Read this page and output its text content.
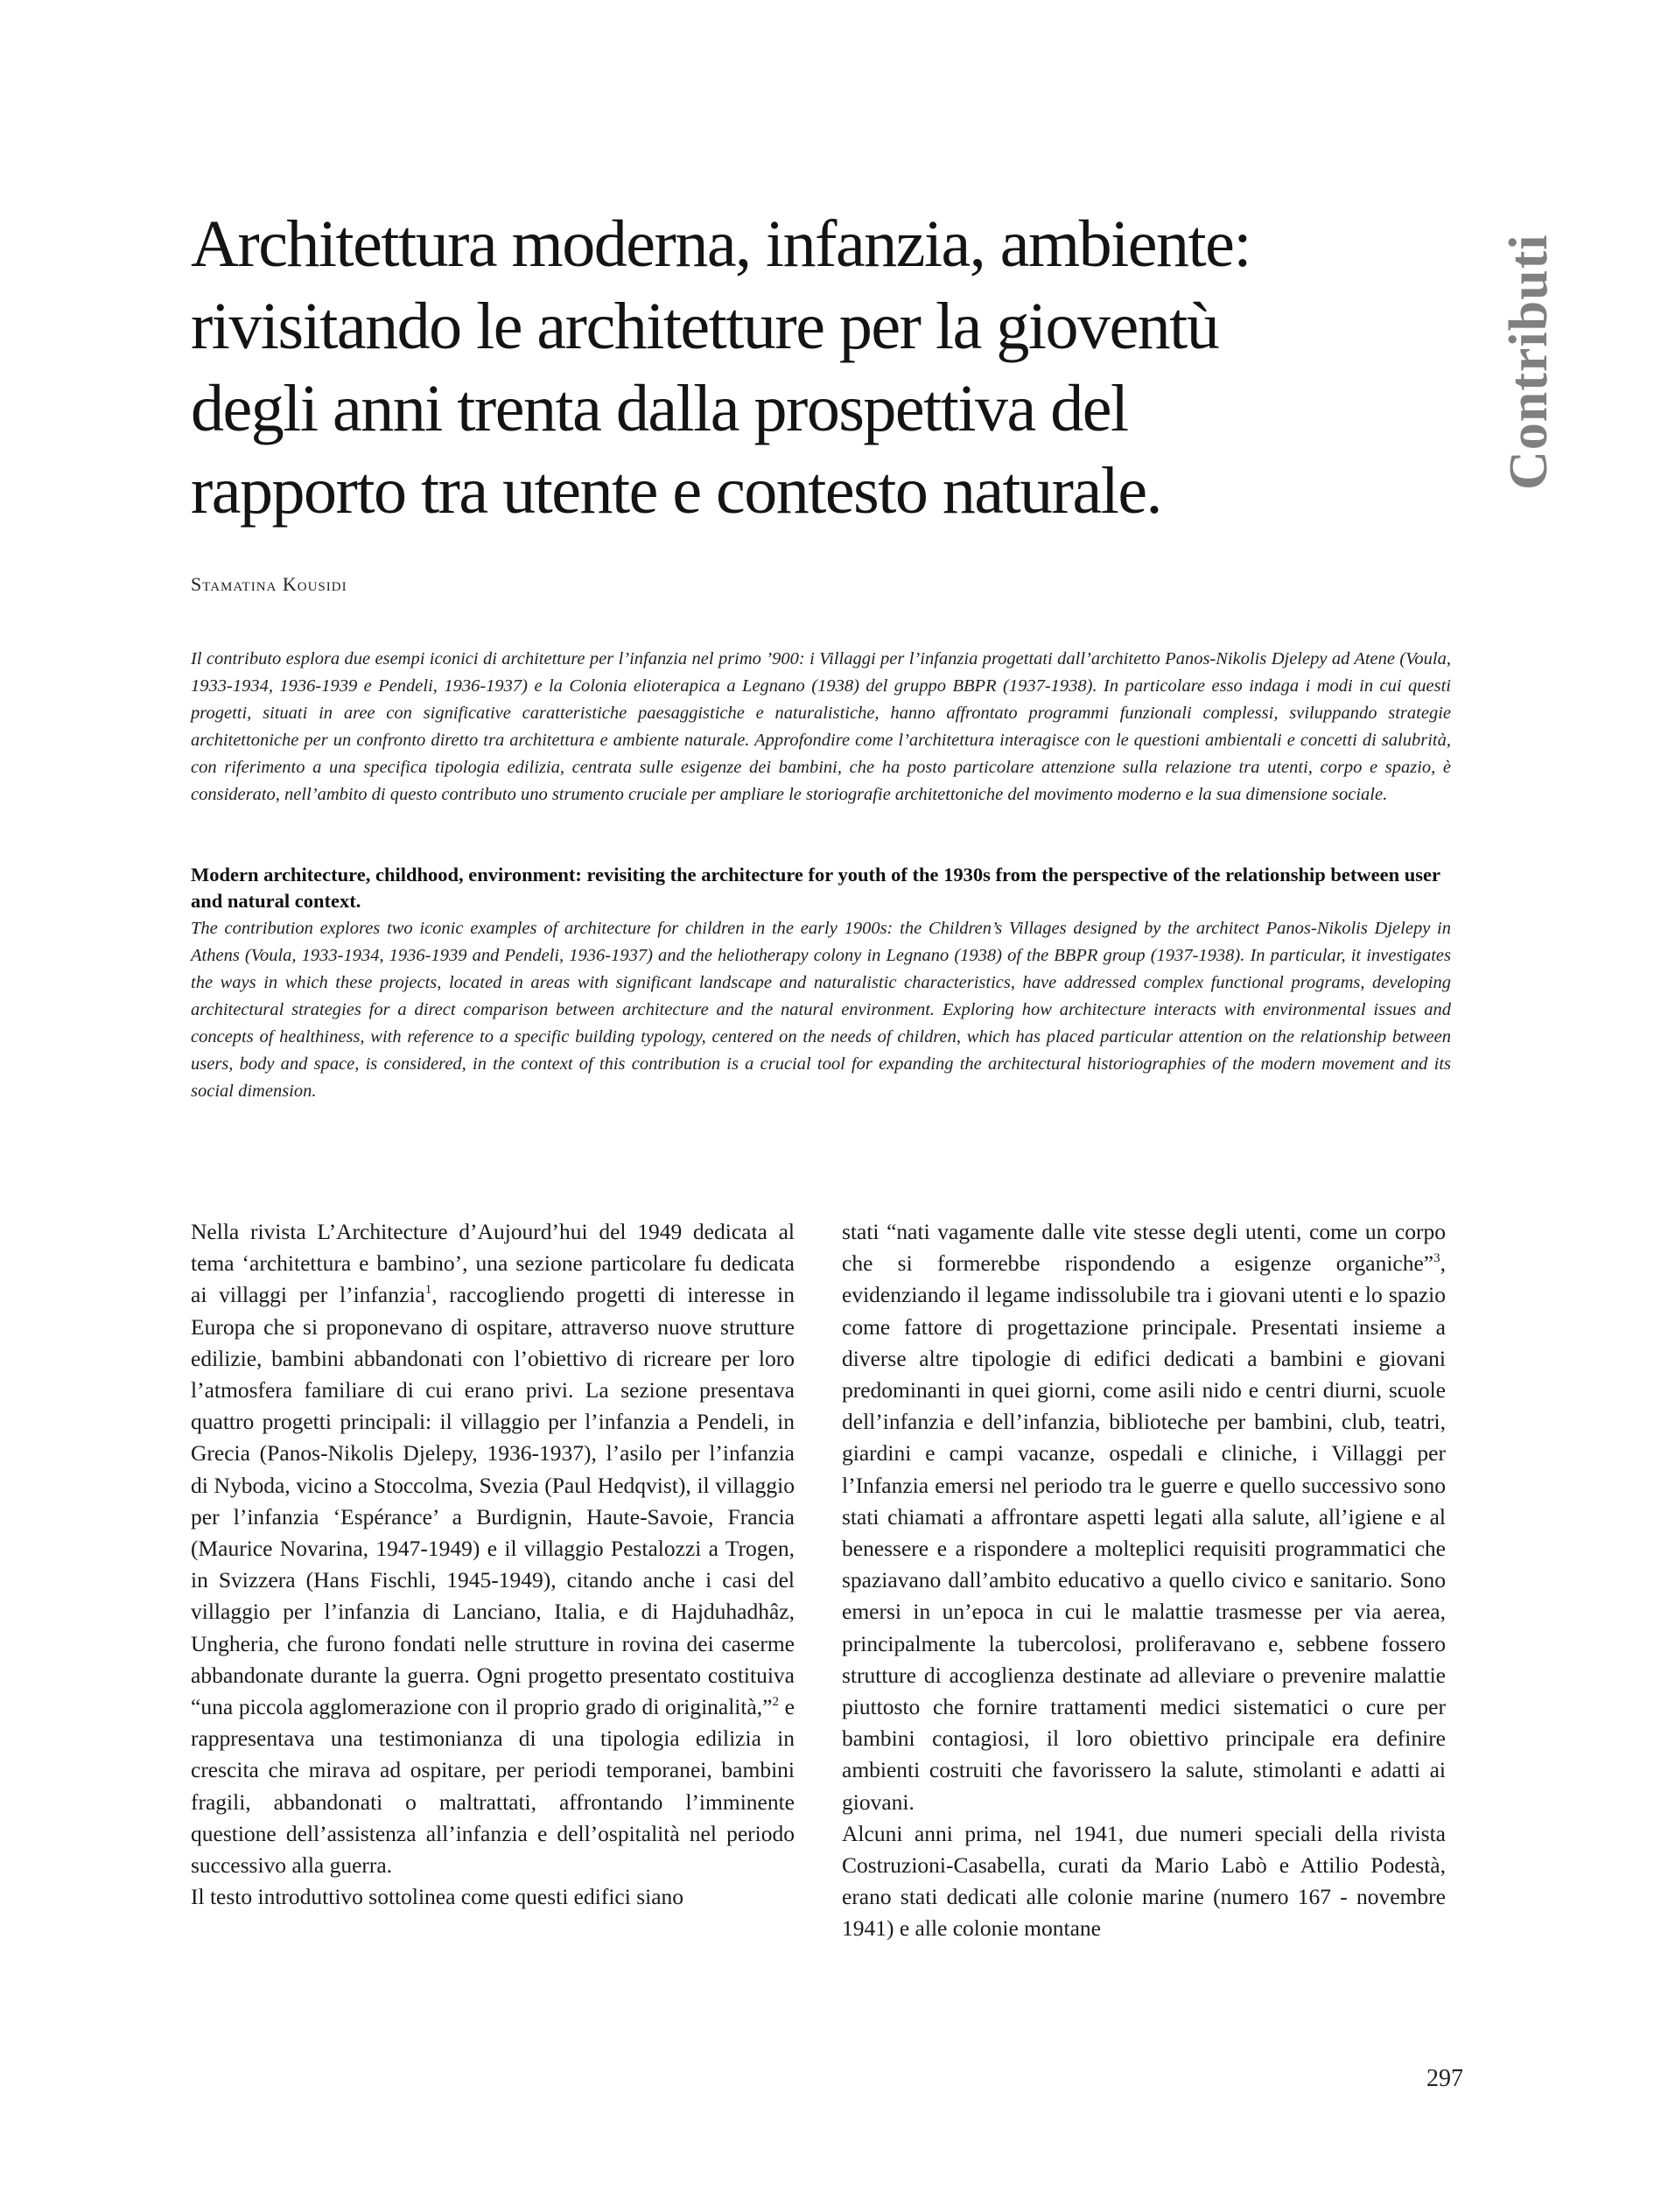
Architettura moderna, infanzia, ambiente:
rivisitando le architetture per la gioventù
degli anni trenta dalla prospettiva del
rapporto tra utente e contesto naturale.
Contributi
Stamatina Kousidi

Il contributo esplora due esempi iconici di architetture per l’infanzia nel primo ’900: i Villaggi per l’infanzia progettati dall’architetto Panos-Nikolis Djelepy ad Atene (Voula, 1933-1934, 1936-1939 e Pendeli, 1936-1937) e la Colonia elioterapica a Legnano (1938) del gruppo BBPR (1937-1938). In particolare esso indaga i modi in cui questi progetti, situati in aree con significative caratteristiche paesaggistiche e naturalistiche, hanno affrontato programmi funzionali complessi, sviluppando strategie architettoniche per un confronto diretto tra architettura e ambiente naturale. Approfondire come l’architettura interagisce con le questioni ambientali e concetti di salubrità, con riferimento a una specifica tipologia edilizia, centrata sulle esigenze dei bambini, che ha posto particolare attenzione sulla relazione tra utenti, corpo e spazio, è considerato, nell’ambito di questo contributo uno strumento cruciale per ampliare le storiografie architettoniche del movimento moderno e la sua dimensione sociale.

Modern architecture, childhood, environment: revisiting the architecture for youth of the 1930s from the perspective of the relationship between user and natural context.

The contribution explores two iconic examples of architecture for children in the early 1900s: the Children’s Villages designed by the architect Panos-Nikolis Djelepy in Athens (Voula, 1933-1934, 1936-1939 and Pendeli, 1936-1937) and the heliotherapy colony in Legnano (1938) of the BBPR group (1937-1938). In particular, it investigates the ways in which these projects, located in areas with significant landscape and naturalistic characteristics, have addressed complex functional programs, developing architectural strategies for a direct comparison between architecture and the natural environment. Exploring how architecture interacts with environmental issues and concepts of healthiness, with reference to a specific building typology, centered on the needs of children, which has placed particular attention on the relationship between users, body and space, is considered, in the context of this contribution is a crucial tool for expanding the architectural historiographies of the modern movement and its social dimension.

Nella rivista L’Architecture d’Aujourd’hui del 1949 dedicata al tema ‘architettura e bambino’, una sezione particolare fu dedicata ai villaggi per l’infanzia$^1$, raccogliendo progetti di interesse in Europa che si proponevano di ospitare, attraverso nuove strutture edilizie, bambini abbandonati con l’obiettivo di ricreare per loro l’atmosfera familiare di cui erano privi. La sezione presentava quattro progetti principali: il villaggio per l’infanzia a Pendeli, in Grecia (Panos-Nikolis Djelepy, 1936-1937), l’asilo per l’infanzia di Nyboda, vicino a Stoccolma, Svezia (Paul Hedqvist), il villaggio per l’infanzia ‘Espérance’ a Burdignin, Haute-Savoie, Francia (Maurice Novarina, 1947-1949) e il villaggio Pestalozzi a Trogen, in Svizzera (Hans Fischli, 1945-1949), citando anche i casi del villaggio per l’infanzia di Lanciano, Italia, e di Hajduhadhâz, Ungheria, che furono fondati nelle strutture in rovina dei caserme abbandonate durante la guerra. Ogni progetto presentato costituiva “una piccola agglomerazione con il proprio grado di originalità,”$^2$ e rappresentava una testimonianza di una tipologia edilizia in crescita che mirava ad ospitare, per periodi temporanei, bambini fragili, abbandonati o maltrattati, affrontando l’imminente questione dell’assistenza all’infanzia e dell’ospitalità nel periodo successivo alla guerra.

Il testo introduttivo sottolinea come questi edifici siano

stati “nati vagamente dalle vite stesse degli utenti, come un corpo che si formerebbe rispondendo a esigenze organiche”$^3$, evidenziando il legame indissolubile tra i giovani utenti e lo spazio come fattore di progettazione principale. Presentati insieme a diverse altre tipologie di edifici dedicati a bambini e giovani predominanti in quei giorni, come asili nido e centri diurni, scuole dell’infanzia e dell’infanzia, biblioteche per bambini, club, teatri, giardini e campi vacanze, ospedali e cliniche, i Villaggi per l’Infanzia emersi nel periodo tra le guerre e quello successivo sono stati chiamati a affrontare aspetti legati alla salute, all’igiene e al benessere e a rispondere a molteplici requisiti programmatici che spaziavano dall’ambito educativo a quello civico e sanitario. Sono emersi in un’epoca in cui le malattie trasmesse per via aerea, principalmente la tubercolosi, proliferavano e, sebbene fossero strutture di accoglienza destinate ad alleviare o prevenire malattie piuttosto che fornire trattamenti medici sistematici o cure per bambini contagiosi, il loro obiettivo principale era definire ambienti costruiti che favorissero la salute, stimolanti e adatti ai giovani.

Alcuni anni prima, nel 1941, due numeri speciali della rivista Costruzioni-Casabella, curati da Mario Labò e Attilio Podestà, erano stati dedicati alle colonie marine (numero 167 - novembre 1941) e alle colonie montane

297
